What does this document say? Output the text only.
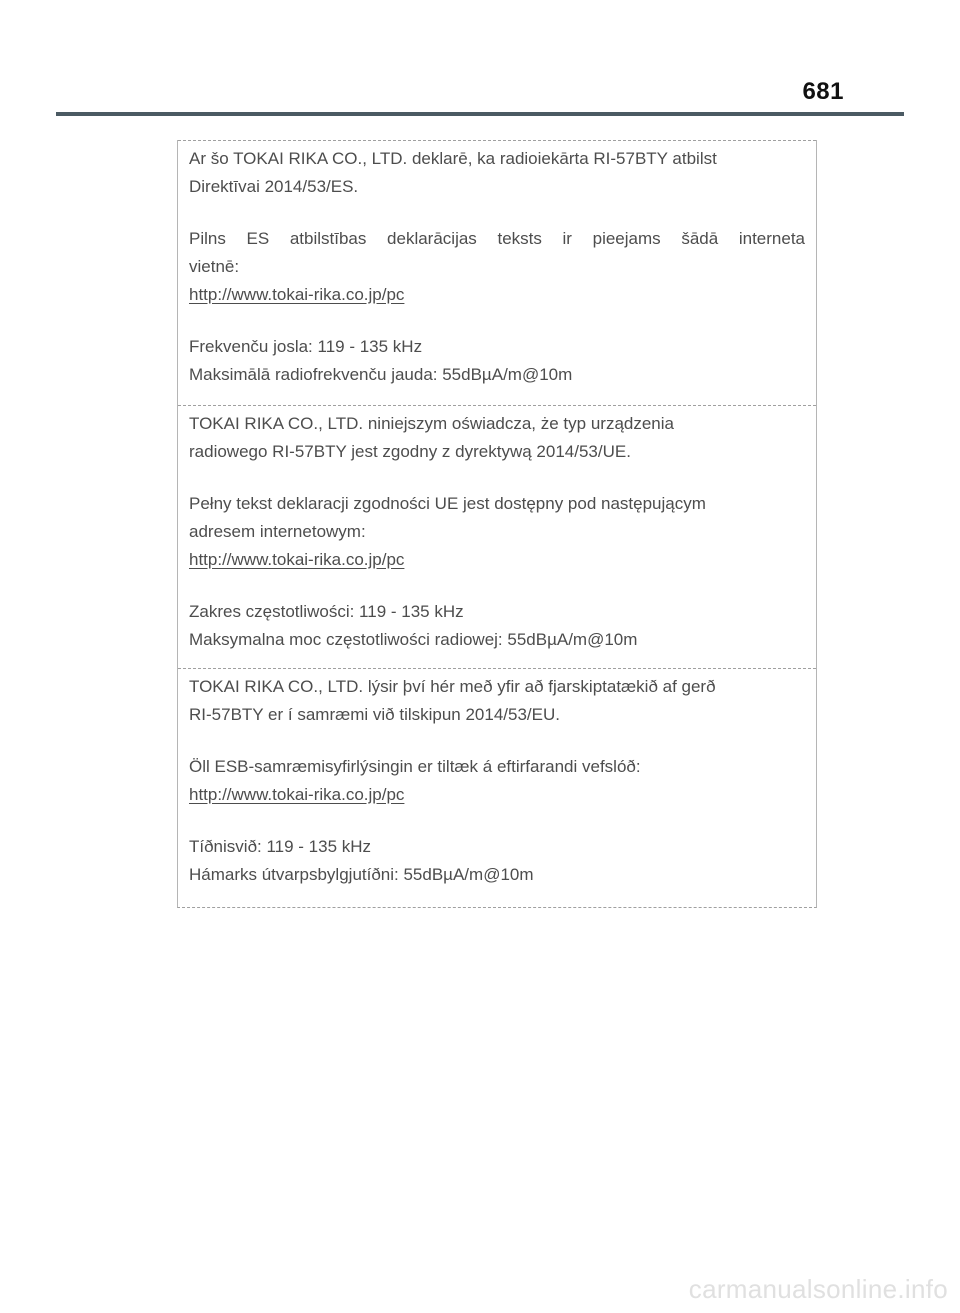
681

Ar šo TOKAI RIKA CO., LTD. deklarē, ka radioiekārta RI-57BTY atbilst

Direktīvai 2014/53/ES.

Pilns ES atbilstības deklarācijas teksts ir pieejams šādā interneta

vietnē:

http://www.tokai-rika.co.jp/pc

Frekvenču josla: 119 - 135 kHz

Maksimālā radiofrekvenču jauda: 55dBµA/m@10m

TOKAI RIKA CO., LTD. niniejszym oświadcza, że typ urządzenia

radiowego RI-57BTY jest zgodny z dyrektywą 2014/53/UE.

Pełny tekst deklaracji zgodności UE jest dostępny pod następującym

adresem internetowym:

http://www.tokai-rika.co.jp/pc

Zakres częstotliwości: 119 - 135 kHz

Maksymalna moc częstotliwości radiowej: 55dBµA/m@10m

TOKAI RIKA CO., LTD. lýsir því hér með yfir að fjarskiptatækið af gerð

RI-57BTY er í samræmi við tilskipun 2014/53/EU.

Öll ESB-samræmisyfirlýsingin er tiltæk á eftirfarandi vefslóð:

http://www.tokai-rika.co.jp/pc

Tíðnisvið: 119 - 135 kHz

Hámarks útvarpsbylgjutíðni: 55dBµA/m@10m

carmanualsonline.info
